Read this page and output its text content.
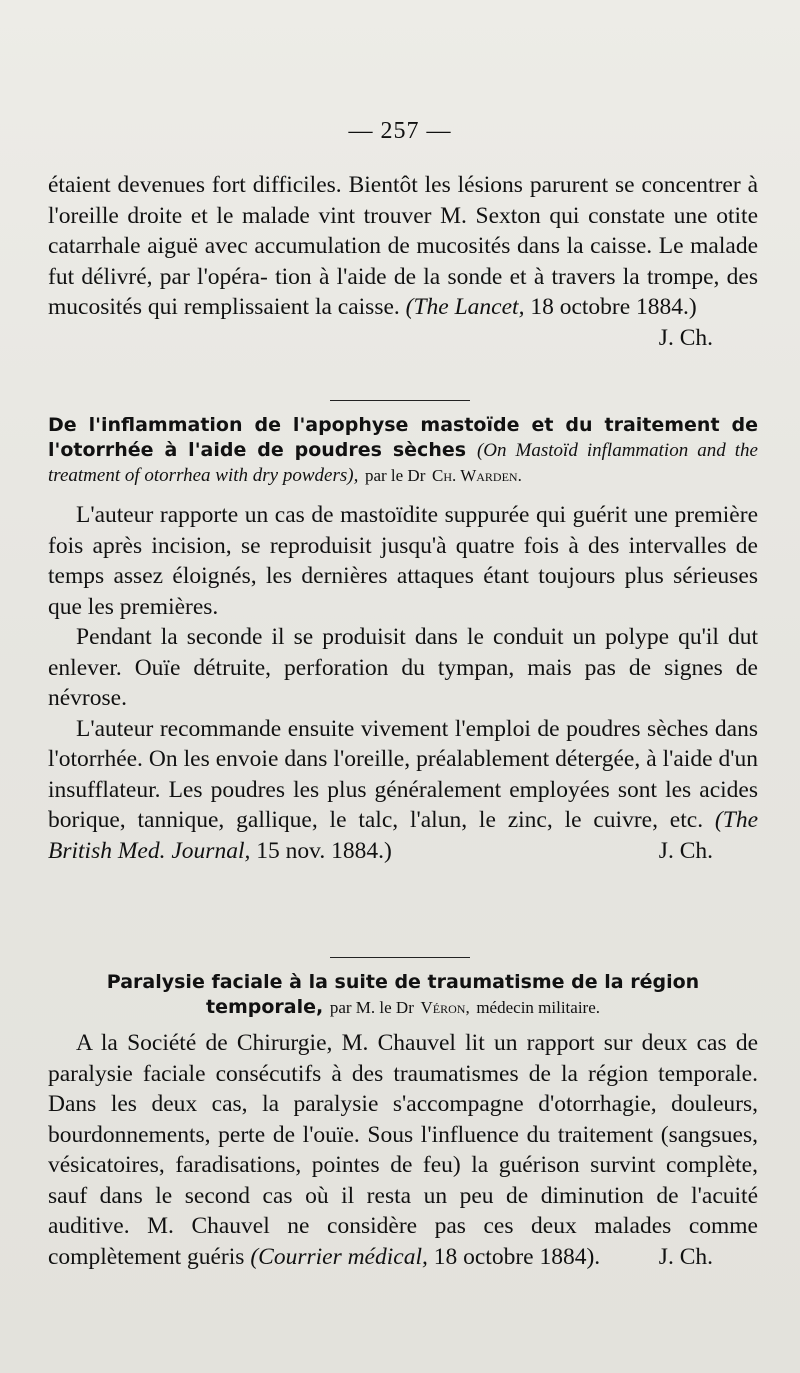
— 257 —

étaient devenues fort difficiles. Bientôt les lésions parurent se concentrer à l'oreille droite et le malade vint trouver M. Sexton qui constate une otite catarrhale aiguë avec accumulation de mucosités dans la caisse. Le malade fut délivré, par l'opéra- tion à l'aide de la sonde et à travers la trompe, des mucosités qui remplissaient la caisse. (The Lancet, 18 octobre 1884.)

J. Ch.

De l'inflammation de l'apophyse mastoïde et du traitement de l'otorrhée à l'aide de poudres sèches (On Mastoïd inflammation and the treatment of otorrhea with dry powders), par le Dr Ch. Warden.

L'auteur rapporte un cas de mastoïdite suppurée qui guérit une première fois après incision, se reproduisit jusqu'à quatre fois à des intervalles de temps assez éloignés, les dernières attaques étant toujours plus sérieuses que les premières.

Pendant la seconde il se produisit dans le conduit un polype qu'il dut enlever. Ouïe détruite, perforation du tympan, mais pas de signes de névrose.

L'auteur recommande ensuite vivement l'emploi de poudres sèches dans l'otorrhée. On les envoie dans l'oreille, préalablement détergée, à l'aide d'un insufflateur. Les poudres les plus généralement employées sont les acides borique, tannique, gallique, le talc, l'alun, le zinc, le cuivre, etc. (The British Med. Journal, 15 nov. 1884.)	J. Ch.

Paralysie faciale à la suite de traumatisme de la région temporale, par M. le Dr Véron, médecin militaire.

A la Société de Chirurgie, M. Chauvel lit un rapport sur deux cas de paralysie faciale consécutifs à des traumatismes de la région temporale. Dans les deux cas, la paralysie s'accompagne d'otorrhagie, douleurs, bourdonnements, perte de l'ouïe. Sous l'influence du traitement (sangsues, vésicatoires, faradisations, pointes de feu) la guérison survint complète, sauf dans le second cas où il resta un peu de diminution de l'acuité auditive. M. Chauvel ne considère pas ces deux malades comme complètement guéris (Courrier médical, 18 octobre 1884).	J. Ch.
